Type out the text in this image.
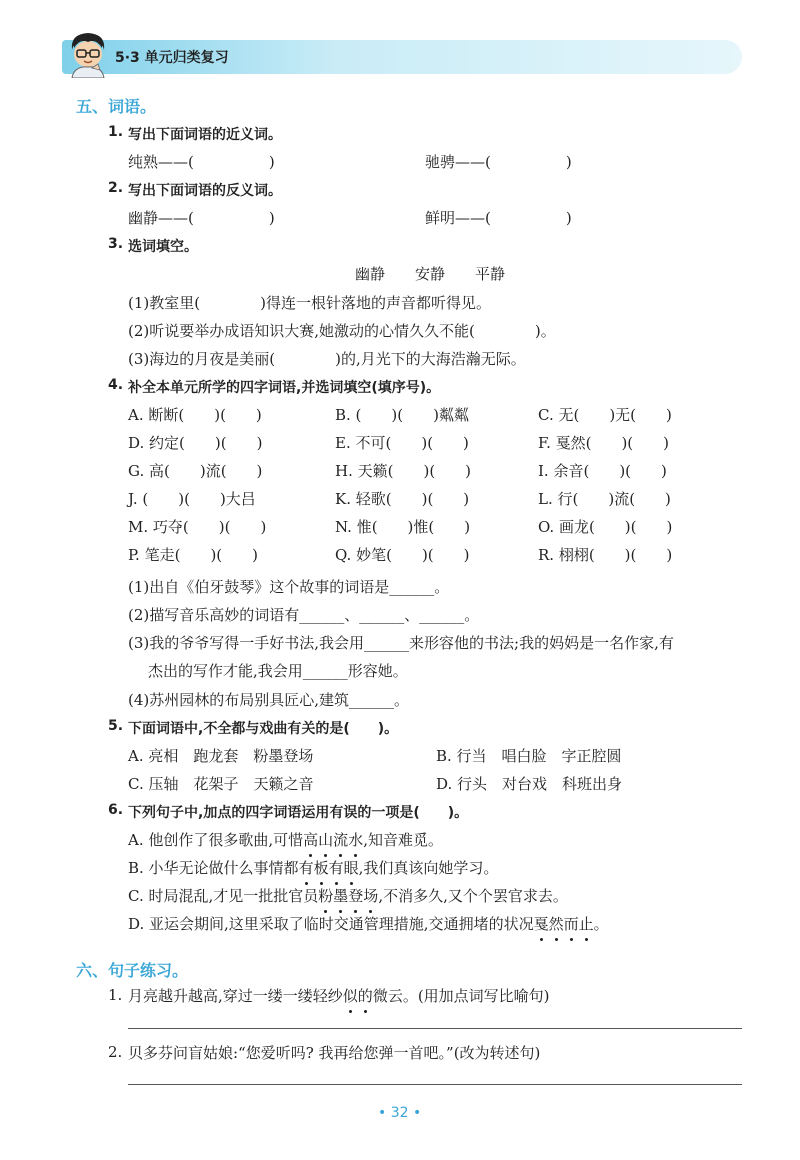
5·3 单元归类复习
五、词语。
1. 写出下面词语的近义词。
纯熟——(　　　　　)	驰骋——(　　　　　)
2. 写出下面词语的反义词。
幽静——(　　　　　)	鲜明——(　　　　　)
3. 选词填空。
幽静　　安静　　平静
(1)教室里(　　　　)得连一根针落地的声音都听得见。
(2)听说要举办成语知识大赛,她激动的心情久久不能(　　　　)。
(3)海边的月夜是美丽(　　　　)的,月光下的大海浩瀚无际。
4. 补全本单元所学的四字词语,并选词填空(填序号)。
A. 断断(　　)(　　)	B. (　　)(　　)粼粼	C. 无(　　)无(　　)
D. 约定(　　)(　　)	E. 不可(　　)(　　)	F. 戛然(　　)(　　)
G. 高(　　)流(　　)	H. 天籁(　　)(　　)	I. 余音(　　)(　　)
J. (　　)(　　)大吕	K. 轻歌(　　)(　　)	L. 行(　　)流(　　)
M. 巧夺(　　)(　　)	N. 惟(　　)惟(　　)	O. 画龙(　　)(　　)
P. 笔走(　　)(　　)	Q. 妙笔(　　)(　　)	R. 栩栩(　　)(　　)
(1)出自《伯牙鼓琴》这个故事的词语是______。
(2)描写音乐高妙的词语有______、______、______。
(3)我的爷爷写得一手好书法,我会用______来形容他的书法;我的妈妈是一名作家,有
杰出的写作才能,我会用______形容她。
(4)苏州园林的布局别具匠心,建筑______。
5. 下面词语中,不全都与戏曲有关的是(　　)。
A. 亮相　跑龙套　粉墨登场	B. 行当　唱白脸　字正腔圆
C. 压轴　花架子　天籁之音	D. 行头　对台戏　科班出身
6. 下列句子中,加点的四字词语运用有误的一项是(　　)。
A. 他创作了很多歌曲,可惜高山流水,知音难觅。
B. 小华无论做什么事情都有板有眼,我们真该向她学习。
C. 时局混乱,才见一批批官员粉墨登场,不消多久,又个个罢官求去。
D. 亚运会期间,这里采取了临时交通管理措施,交通拥堵的状况戛然而止。
六、句子练习。
1. 月亮越升越高,穿过一缕一缕轻纱似的微云。(用加点词写比喻句)
2. 贝多芬问盲姑娘:“您爱听吗? 我再给您弹一首吧。”(改为转述句)
• 32 •
